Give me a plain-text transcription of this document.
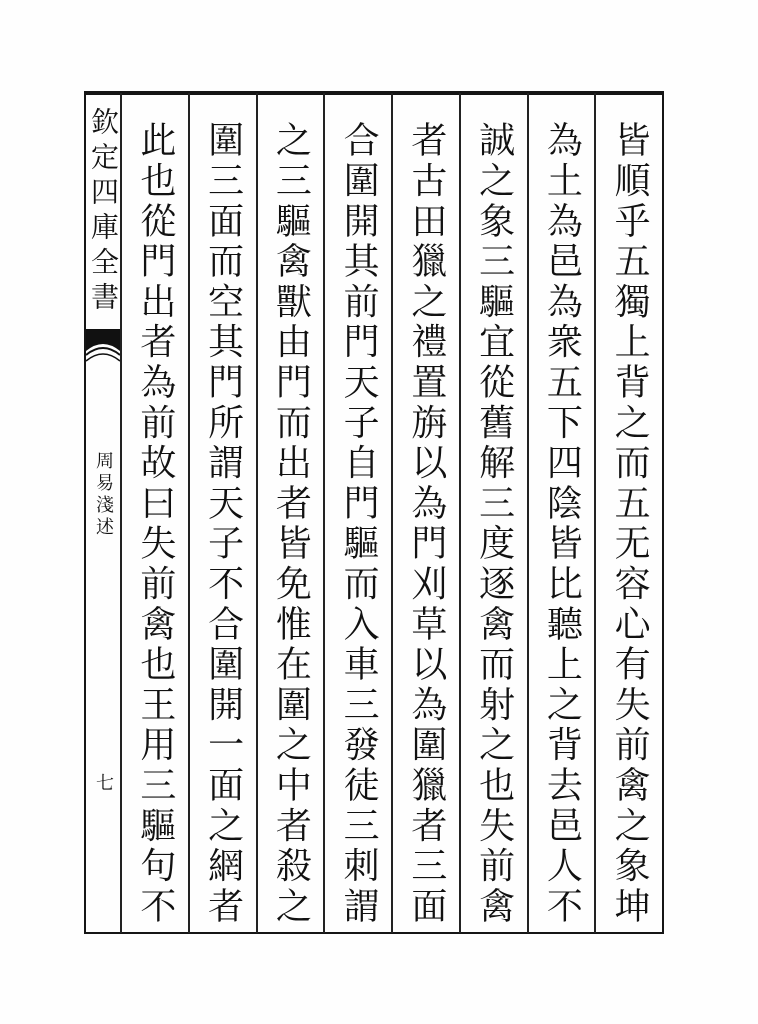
欽定四庫全書
周易淺述
七	皆順乎五獨上背之而五无容心有失前禽之象坤
為土為邑為衆五下四陰皆比聽上之背去邑人不
誠之象三驅宜從舊解三度逐禽而射之也失前禽
者古田獵之禮置旃以為門刈草以為圍獵者三面
合圍開其前門天子自門驅而入車三發徒三刺謂
之三驅禽獸由門而出者皆免惟在圍之中者殺之
圍三面而空其門所謂天子不合圍開一面之網者
此也從門出者為前故曰失前禽也王用三驅句不
